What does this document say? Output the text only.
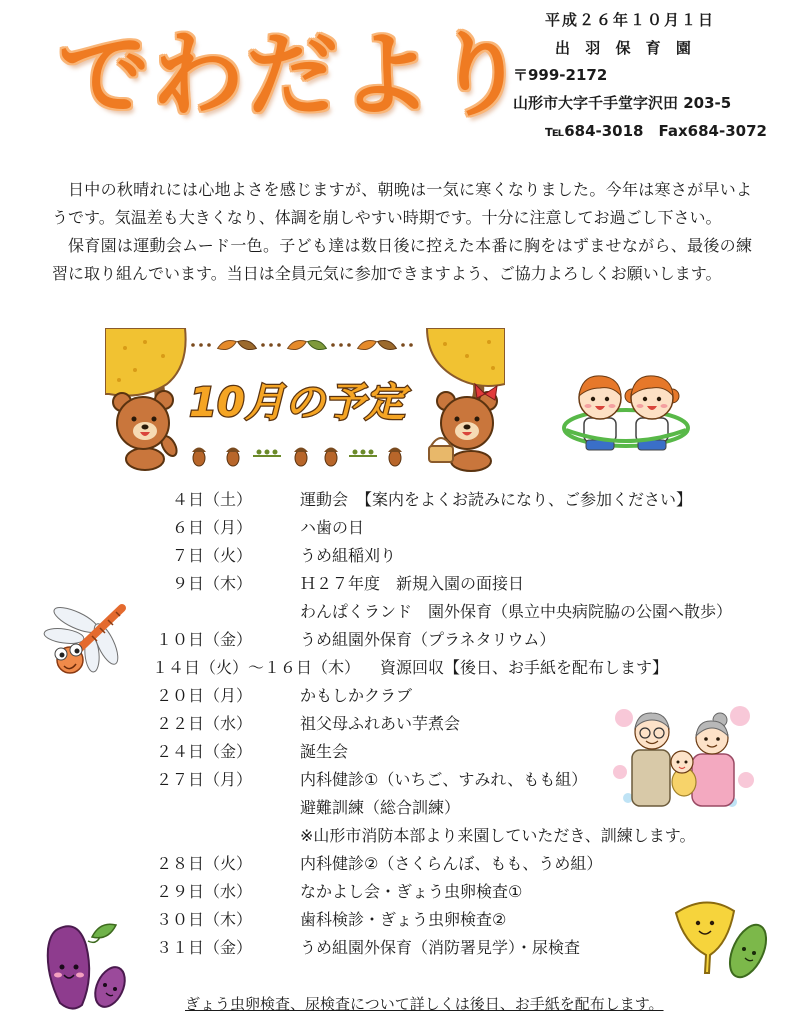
でわだより
平成２６年１０月１日
出 羽 保 育 園
〒999-2172
山形市大字千手堂字沢田 203-5
℡684-3018　Fax684-3072

日中の秋晴れには心地よさを感じますが、朝晩は一気に寒くなりました。今年は寒さが早いようです。気温差も大きくなり、体調を崩しやすい時期です。十分に注意してお過ごし下さい。

保育園は運動会ムード一色。子ども達は数日後に控えた本番に胸をはずませながら、最後の練習に取り組んでいます。当日は全員元気に参加できますよう、ご協力よろしくお願いします。

10月の予定
４日（土）	運動会　【案内をよくお読みになり、ご参加ください】
６日（月）	ハ歯の日
７日（火）	うめ組稲刈り
９日（木）	Ｈ２７年度　新規入園の面接日
わんぱくランド　園外保育（県立中央病院脇の公園へ散歩）
１０日（金）	うめ組園外保育（プラネタリウム）
１４日（火）～１６日（木） 資源回収【後日、お手紙を配布します】
２０日（月）	かもしかクラブ
２２日（水）	祖父母ふれあい芋煮会
２４日（金）	誕生会
２７日（月）	内科健診①（いちご、すみれ、もも組）
避難訓練（総合訓練）
※山形市消防本部より来園していただき、訓練します。
２８日（火）	内科健診②（さくらんぼ、もも、うめ組）
２９日（水）	なかよし会・ぎょう虫卵検査①
３０日（木）	歯科検診・ぎょう虫卵検査②
３１日（金）	うめ組園外保育（消防署見学）・尿検査
ぎょう虫卵検査、尿検査について詳しくは後日、お手紙を配布します。
